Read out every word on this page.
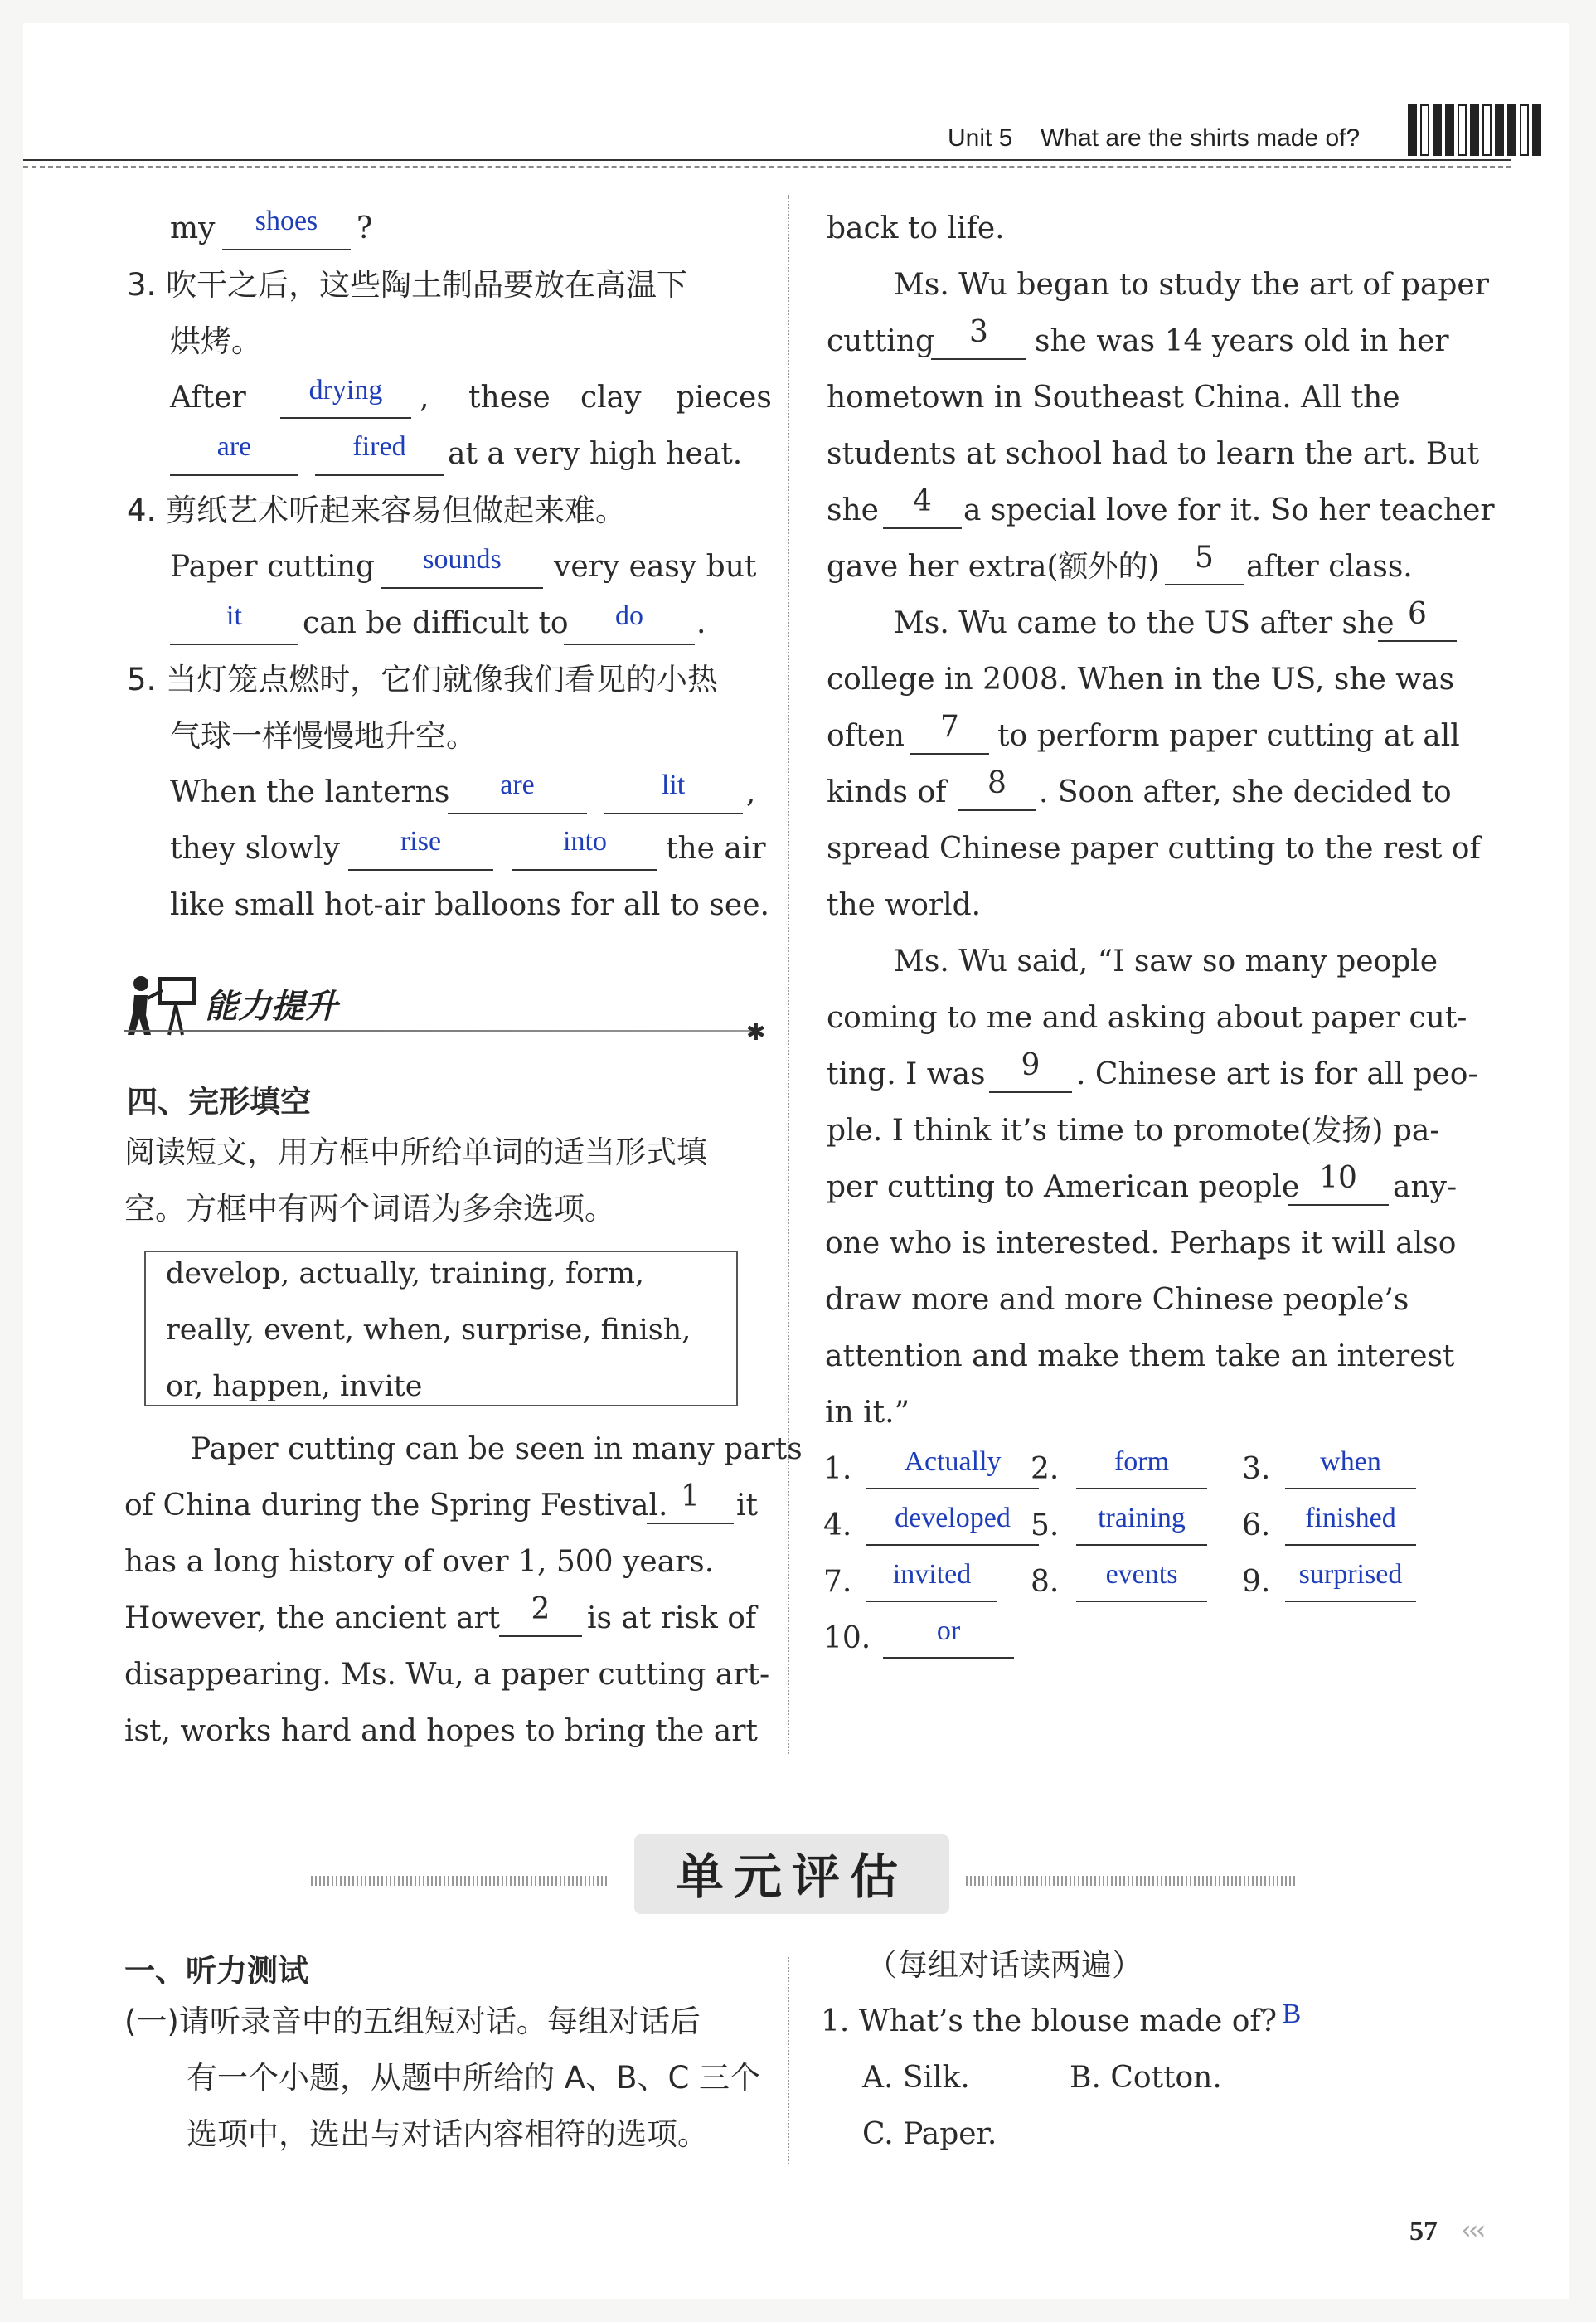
Unit 5 What are the shirts made of?
my	shoes	?
3. 吹干之后，这些陶土制品要放在高温下
烘烤。
After	drying	, these clay pieces
are	fired	at a very high heat.
4. 剪纸艺术听起来容易但做起来难。
Paper cutting	sounds	very easy but
it	can be difficult to	do	.
5. 当灯笼点燃时，它们就像我们看见的小热
气球一样慢慢地升空。
When the lanterns	are	lit	,
they slowly	rise	into	the air
like small hot-air balloons for all to see.
能力提升
✱
四、完形填空
阅读短文，用方框中所给单词的适当形式填
空。方框中有两个词语为多余选项。
develop, actually, training, form,
really, event, when, surprise, finish,
or, happen, invite
Paper cutting can be seen in many parts
of China during the Spring Festival. 1	it
has a long history of over 1, 500 years.
However, the ancient art	2	is at risk of
disappearing. Ms. Wu, a paper cutting art-
ist, works hard and hopes to bring the art
back to life.
Ms. Wu began to study the art of paper
cutting	3	she was 14 years old in her
hometown in Southeast China. All the
students at school had to learn the art. But
she	4	a special love for it. So her teacher
gave her extra(额外的)	5	after class.
Ms. Wu came to the US after she 6
college in 2008. When in the US, she was
often	7	to perform paper cutting at all
kinds of	8	. Soon after, she decided to
spread Chinese paper cutting to the rest of
the world.
Ms. Wu said, “I saw so many people
coming to me and asking about paper cut-
ting. I was	9	. Chinese art is for all peo-
ple. I think it’s time to promote(发扬) pa-
per cutting to American people 10	any-
one who is interested. Perhaps it will also
draw more and more Chinese people’s
attention and make them take an interest
in it.”
1.	Actually 2.	form	3.	when
4.	developed 5.	training	6.	finished
7.	invited	8.	events	9.	surprised
10.	or
单元评估
一、听力测试
(一)请听录音中的五组短对话。每组对话后
有一个小题，从题中所给的 A、B、C 三个
选项中，选出与对话内容相符的选项。
（每组对话读两遍）
1. What’s the blouse made of? B
A. Silk.	B. Cotton.
C. Paper.
57 ‹‹‹
